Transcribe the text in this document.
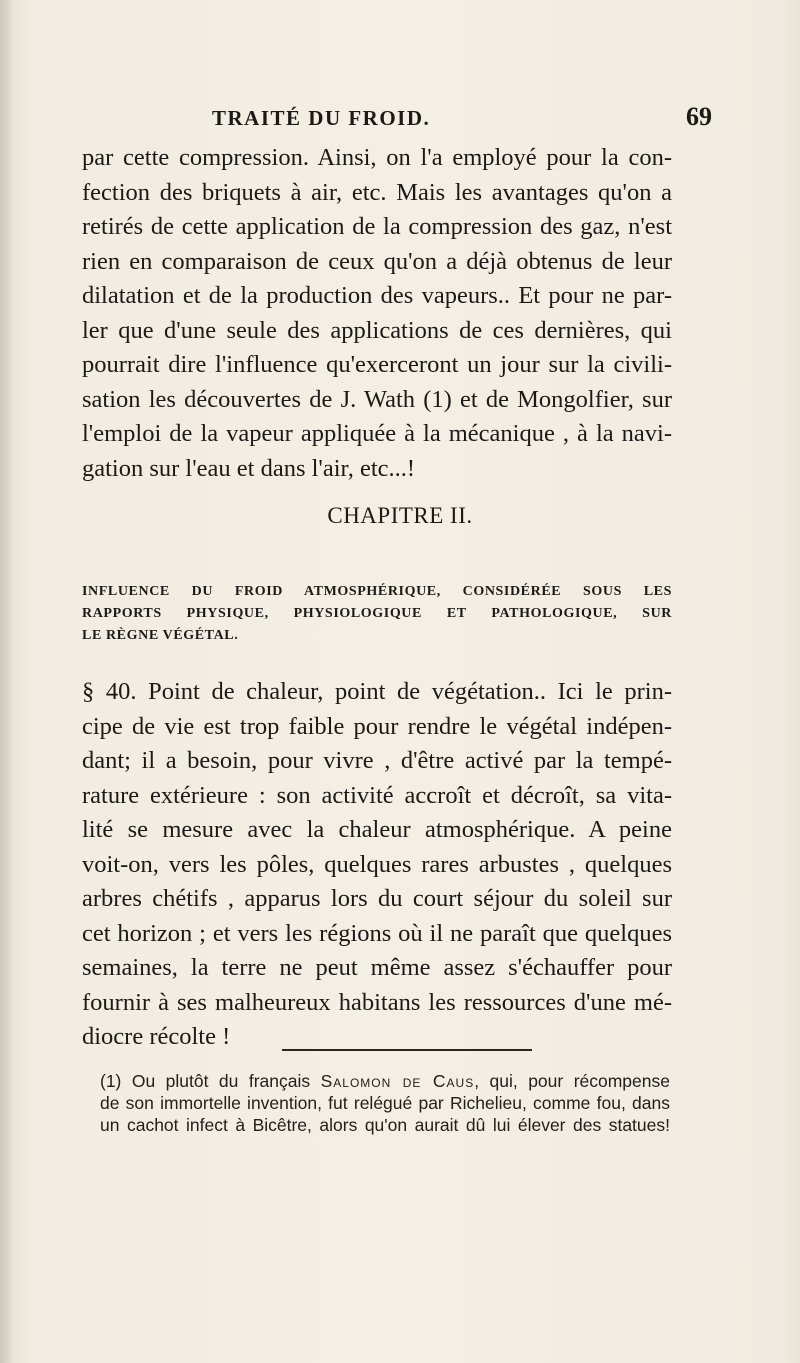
TRAITÉ DU FROID.	69
par cette compression. Ainsi, on l'a employé pour la con-
fection des briquets à air, etc. Mais les avantages qu'on a
retirés de cette application de la compression des gaz, n'est
rien en comparaison de ceux qu'on a déjà obtenus de leur
dilatation et de la production des vapeurs.. Et pour ne par-
ler que d'une seule des applications de ces dernières, qui
pourrait dire l'influence qu'exerceront un jour sur la civili-
sation les découvertes de J. Wath (1) et de Mongolfier, sur
l'emploi de la vapeur appliquée à la mécanique , à la navi-
gation sur l'eau et dans l'air, etc...!
CHAPITRE II.
INFLUENCE DU FROID ATMOSPHÉRIQUE, CONSIDÉRÉE SOUS LES
RAPPORTS PHYSIQUE, PHYSIOLOGIQUE ET PATHOLOGIQUE, SUR
LE RÈGNE VÉGÉTAL.
§ 40. Point de chaleur, point de végétation.. Ici le prin-
cipe de vie est trop faible pour rendre le végétal indépen-
dant; il a besoin, pour vivre , d'être activé par la tempé-
rature extérieure : son activité accroît et décroît, sa vita-
lité se mesure avec la chaleur atmosphérique. A peine
voit-on, vers les pôles, quelques rares arbustes , quelques
arbres chétifs , apparus lors du court séjour du soleil sur
cet horizon ; et vers les régions où il ne paraît que quelques
semaines, la terre ne peut même assez s'échauffer pour
fournir à ses malheureux habitans les ressources d'une mé-
diocre récolte !
(1) Ou plutôt du français Salomon de Caus, qui, pour récompense
de son immortelle invention, fut relégué par Richelieu, comme fou, dans
un cachot infect à Bicêtre, alors qu'on aurait dû lui élever des statues!
